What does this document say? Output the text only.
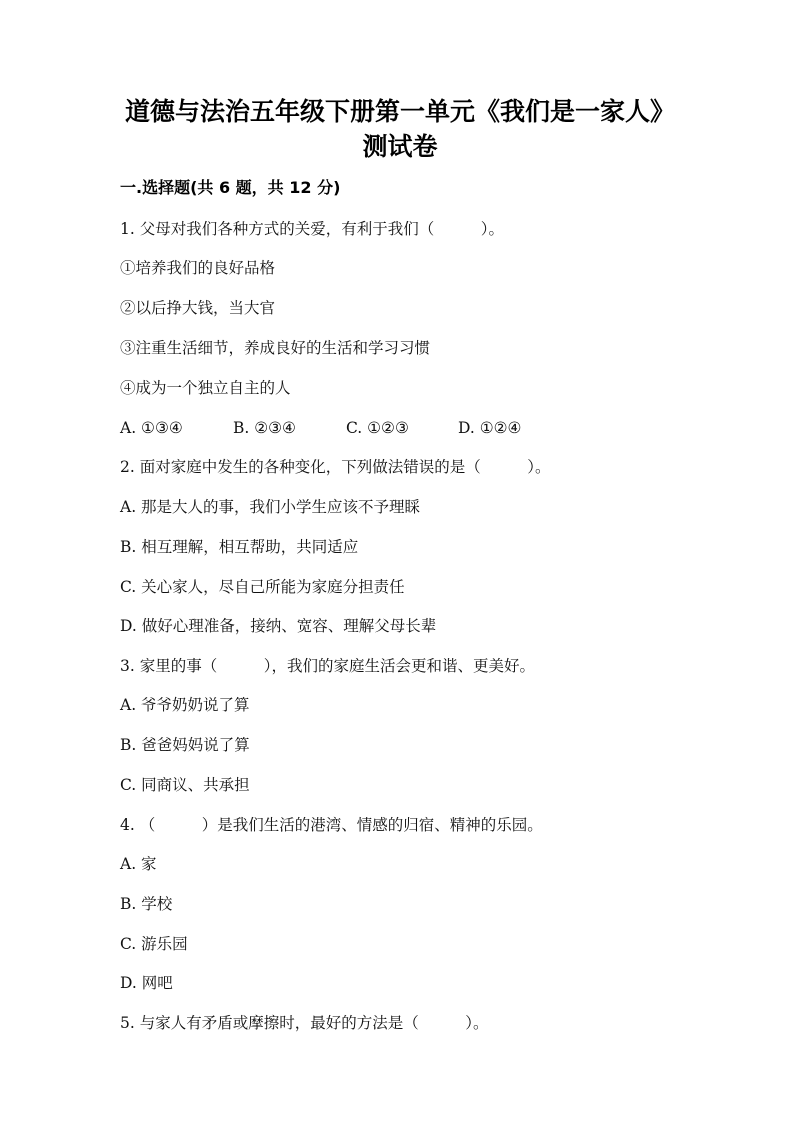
道德与法治五年级下册第一单元《我们是一家人》
测试卷
一.选择题(共 6 题，共 12 分)
1. 父母对我们各种方式的关爱，有利于我们（　　　）。
①培养我们的良好品格
②以后挣大钱，当大官
③注重生活细节，养成良好的生活和学习习惯
④成为一个独立自主的人
A. ①③④	B. ②③④	C. ①②③	D. ①②④
2. 面对家庭中发生的各种变化，下列做法错误的是（　　　）。
A. 那是大人的事，我们小学生应该不予理睬
B. 相互理解，相互帮助，共同适应
C. 关心家人，尽自己所能为家庭分担责任
D. 做好心理准备，接纳、宽容、理解父母长辈
3. 家里的事（　　　），我们的家庭生活会更和谐、更美好。
A. 爷爷奶奶说了算
B. 爸爸妈妈说了算
C. 同商议、共承担
4. （　　　）是我们生活的港湾、情感的归宿、精神的乐园。
A. 家
B. 学校
C. 游乐园
D. 网吧
5. 与家人有矛盾或摩擦时，最好的方法是（　　　）。
